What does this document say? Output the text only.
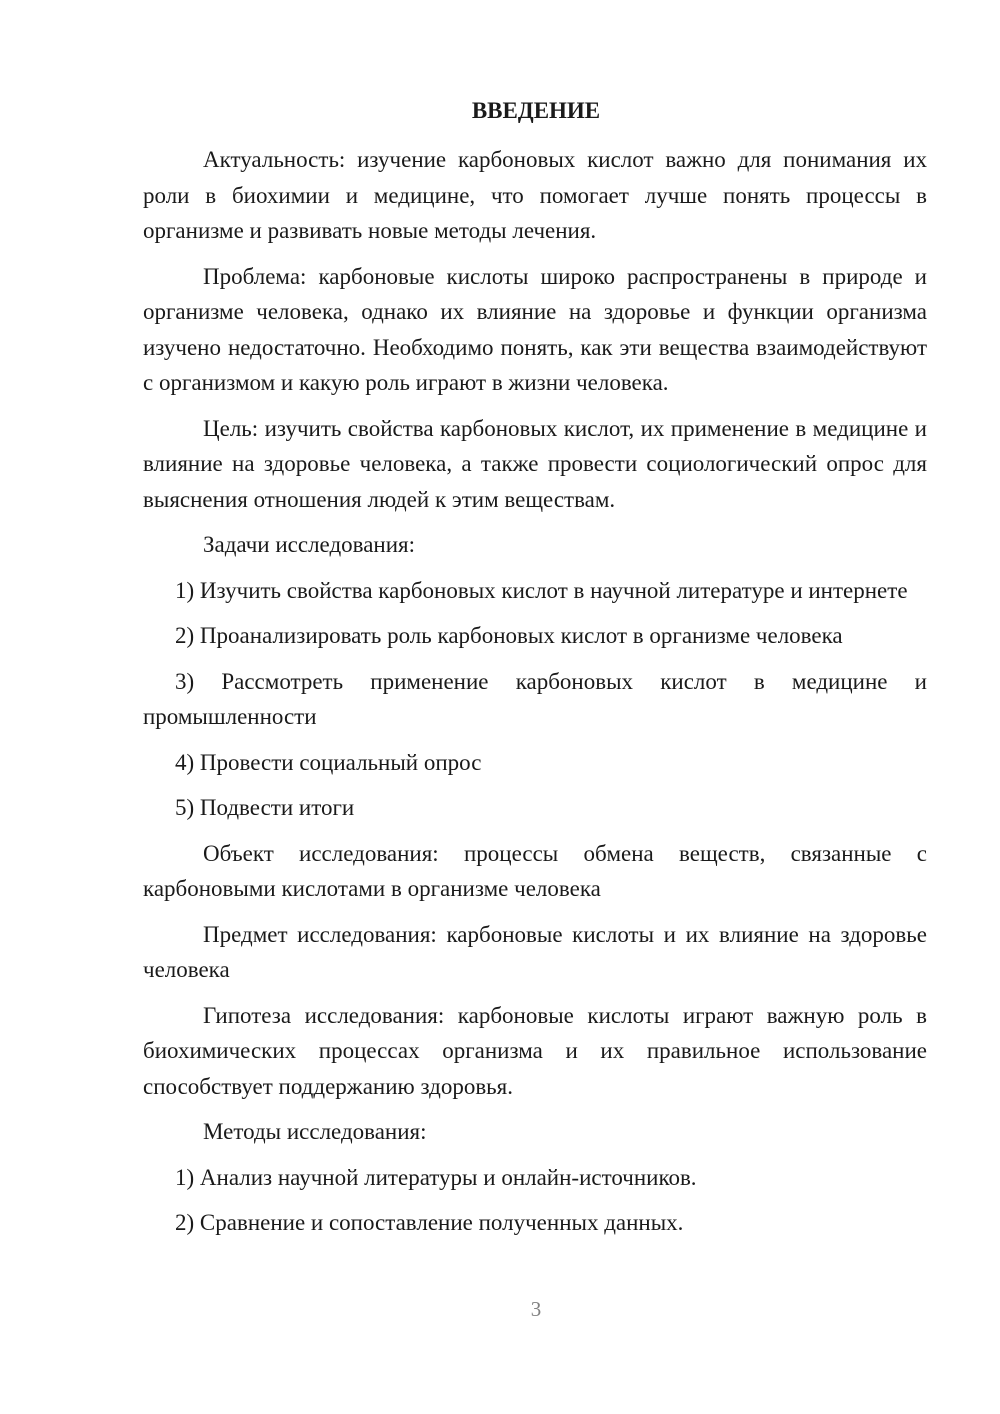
ВВЕДЕНИЕ

Актуальность: изучение карбоновых кислот важно для понимания их роли в биохимии и медицине, что помогает лучше понять процессы в организме и развивать новые методы лечения.

Проблема: карбоновые кислоты широко распространены в природе и организме человека, однако их влияние на здоровье и функции организма изучено недостаточно. Необходимо понять, как эти вещества взаимодействуют с организмом и какую роль играют в жизни человека.

Цель: изучить свойства карбоновых кислот, их применение в медицине и влияние на здоровье человека, а также провести социологический опрос для выяснения отношения людей к этим веществам.

Задачи исследования:

1) Изучить свойства карбоновых кислот в научной литературе и интернете

2) Проанализировать роль карбоновых кислот в организме человека

3) Рассмотреть применение карбоновых кислот в медицине и промышленности

4) Провести социальный опрос

5) Подвести итоги

Объект исследования: процессы обмена веществ, связанные с карбоновыми кислотами в организме человека

Предмет исследования: карбоновые кислоты и их влияние на здоровье человека

Гипотеза исследования: карбоновые кислоты играют важную роль в биохимических процессах организма и их правильное использование способствует поддержанию здоровья.

Методы исследования:

1) Анализ научной литературы и онлайн-источников.

2) Сравнение и сопоставление полученных данных.

3
